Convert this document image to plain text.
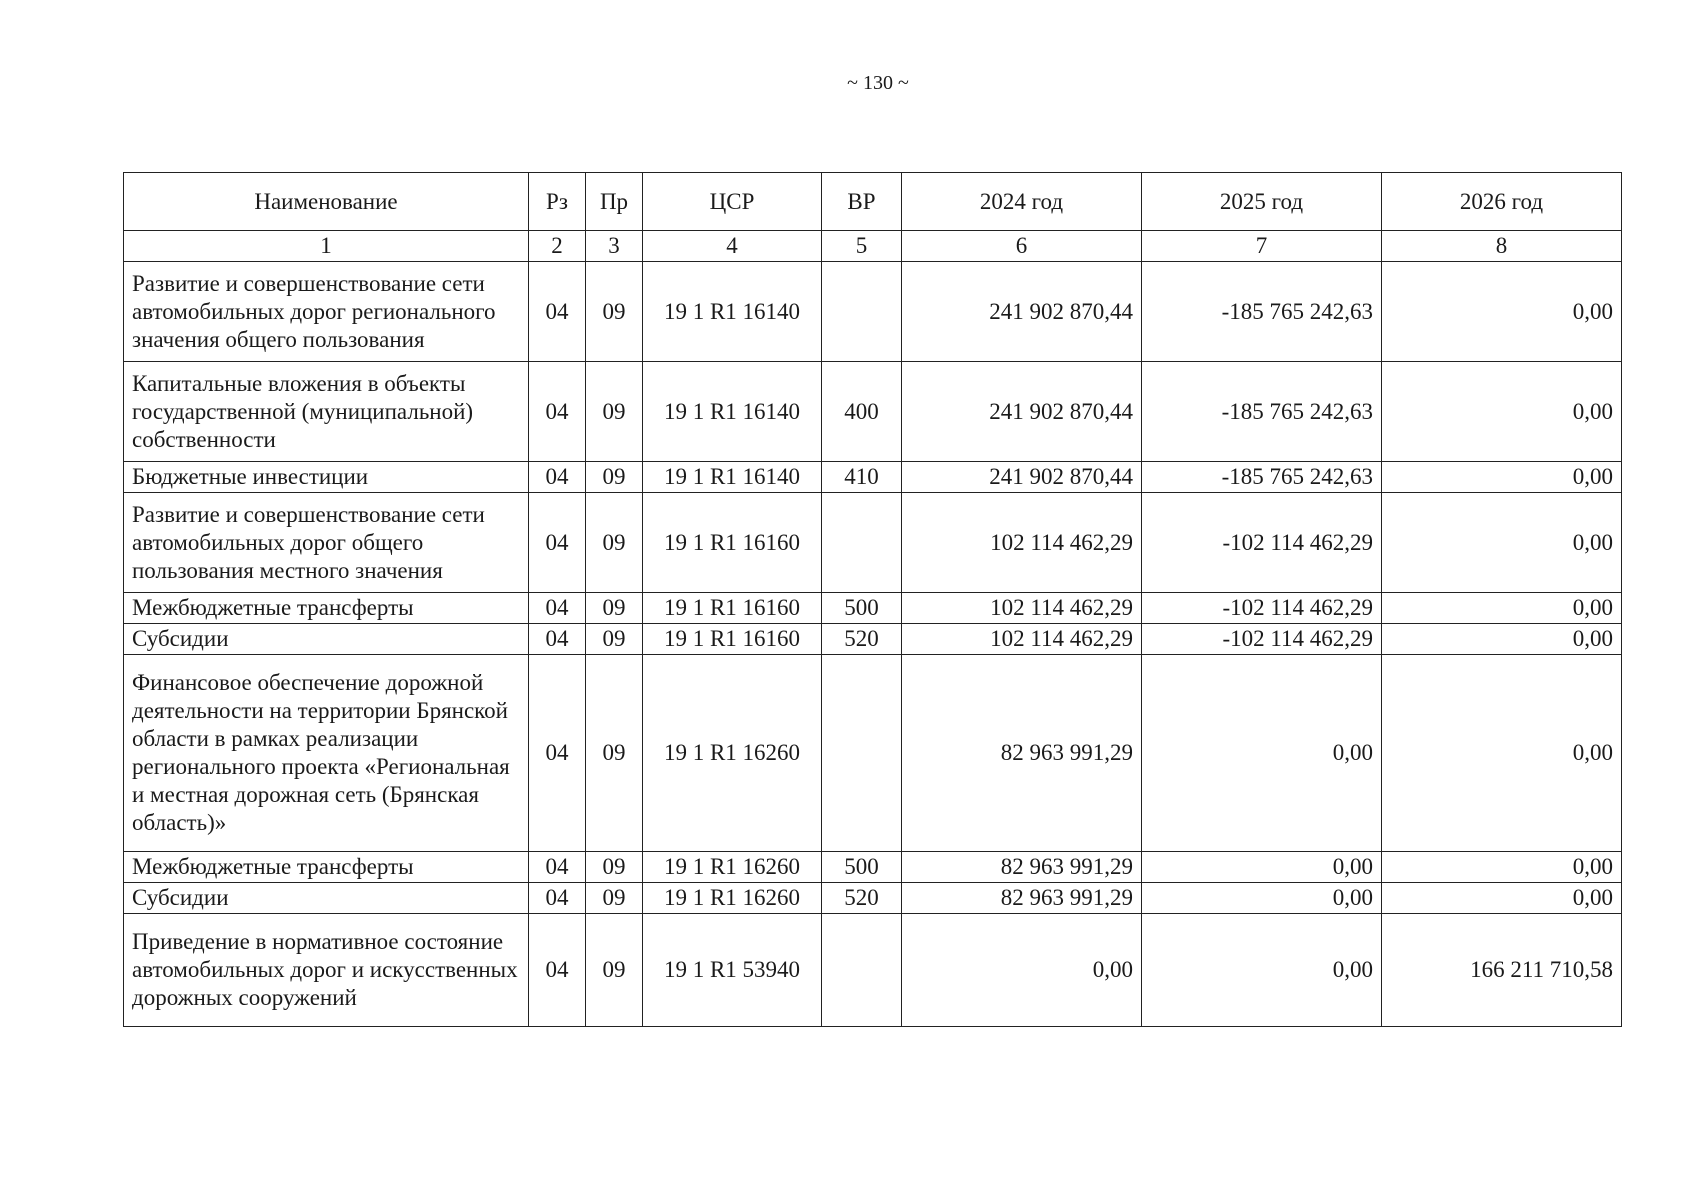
~ 130 ~
Наименование	Рз	Пр	ЦСР	ВР	2024 год	2025 год	2026 год
1	2	3	4	5	6	7	8
Развитие и совершенствование сети автомобильных дорог регионального значения общего пользования	04	09	19 1 R1 16140		241 902 870,44	-185 765 242,63	0,00
Капитальные вложения в объекты государственной (муниципальной) собственности	04	09	19 1 R1 16140	400	241 902 870,44	-185 765 242,63	0,00
Бюджетные инвестиции	04	09	19 1 R1 16140	410	241 902 870,44	-185 765 242,63	0,00
Развитие и совершенствование сети автомобильных дорог общего пользования местного значения	04	09	19 1 R1 16160		102 114 462,29	-102 114 462,29	0,00
Межбюджетные трансферты	04	09	19 1 R1 16160	500	102 114 462,29	-102 114 462,29	0,00
Субсидии	04	09	19 1 R1 16160	520	102 114 462,29	-102 114 462,29	0,00
Финансовое обеспечение дорожной деятельности на территории Брянской области в рамках реализации регионального проекта «Региональная и местная дорожная сеть (Брянская область)»	04	09	19 1 R1 16260		82 963 991,29	0,00	0,00
Межбюджетные трансферты	04	09	19 1 R1 16260	500	82 963 991,29	0,00	0,00
Субсидии	04	09	19 1 R1 16260	520	82 963 991,29	0,00	0,00
Приведение в нормативное состояние автомобильных дорог и искусственных дорожных сооружений	04	09	19 1 R1 53940		0,00	0,00	166 211 710,58
